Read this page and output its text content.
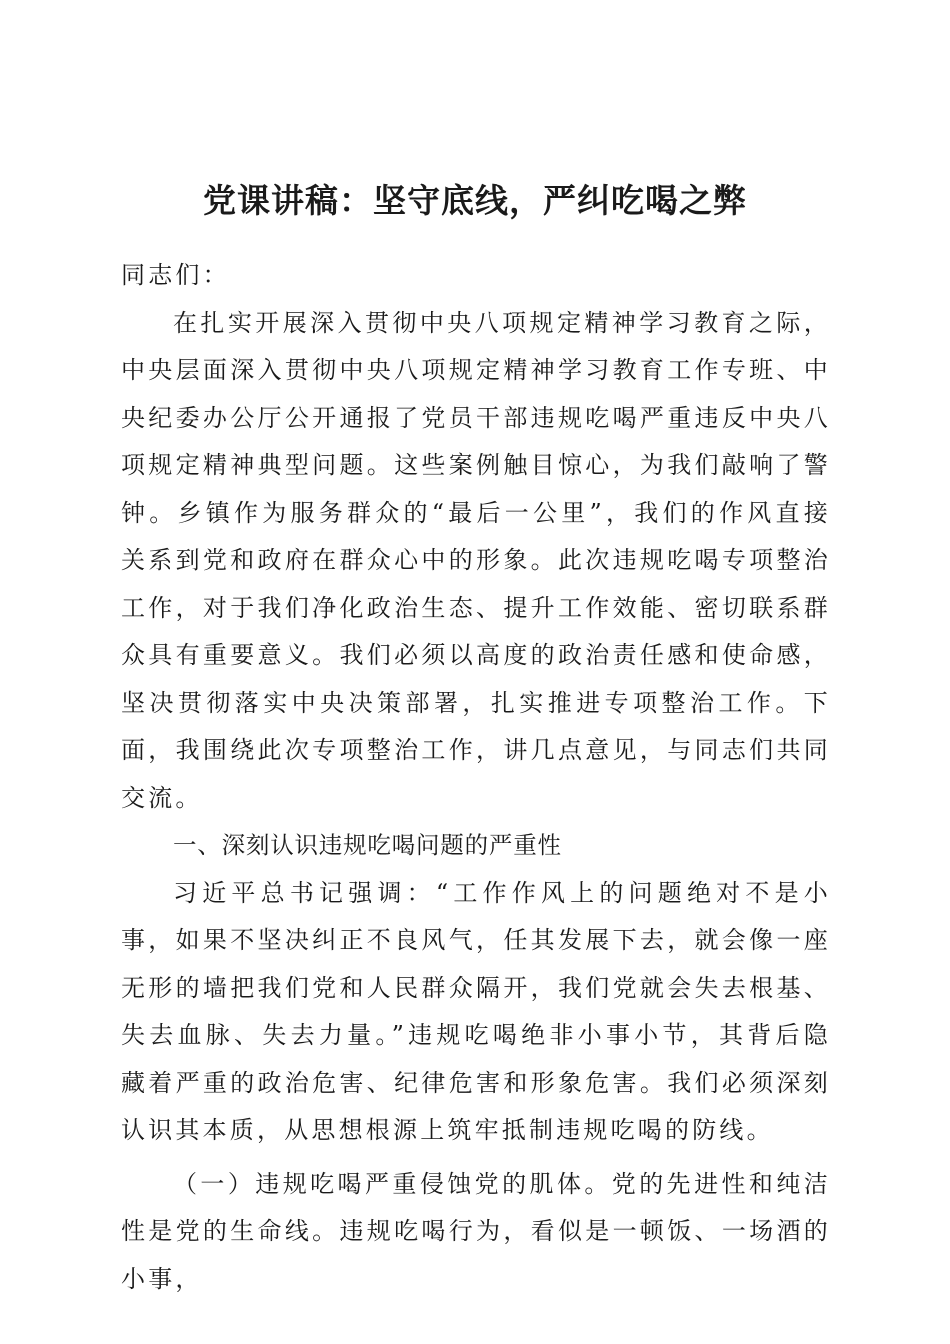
党课讲稿：坚守底线，严纠吃喝之弊

同志们：

在扎实开展深入贯彻中央八项规定精神学习教育之际，中央层面深入贯彻中央八项规定精神学习教育工作专班、中央纪委办公厅公开通报了党员干部违规吃喝严重违反中央八项规定精神典型问题。这些案例触目惊心，为我们敲响了警钟。乡镇作为服务群众的“最后一公里”，我们的作风直接关系到党和政府在群众心中的形象。此次违规吃喝专项整治工作，对于我们净化政治生态、提升工作效能、密切联系群众具有重要意义。我们必须以高度的政治责任感和使命感，坚决贯彻落实中央决策部署，扎实推进专项整治工作。下面，我围绕此次专项整治工作，讲几点意见，与同志们共同交流。

一、深刻认识违规吃喝问题的严重性

习近平总书记强调：“工作作风上的问题绝对不是小事，如果不坚决纠正不良风气，任其发展下去，就会像一座无形的墙把我们党和人民群众隔开，我们党就会失去根基、失去血脉、失去力量。”违规吃喝绝非小事小节，其背后隐藏着严重的政治危害、纪律危害和形象危害。我们必须深刻认识其本质，从思想根源上筑牢抵制违规吃喝的防线。

（一）违规吃喝严重侵蚀党的肌体。党的先进性和纯洁性是党的生命线。违规吃喝行为，看似是一顿饭、一场酒的小事，
